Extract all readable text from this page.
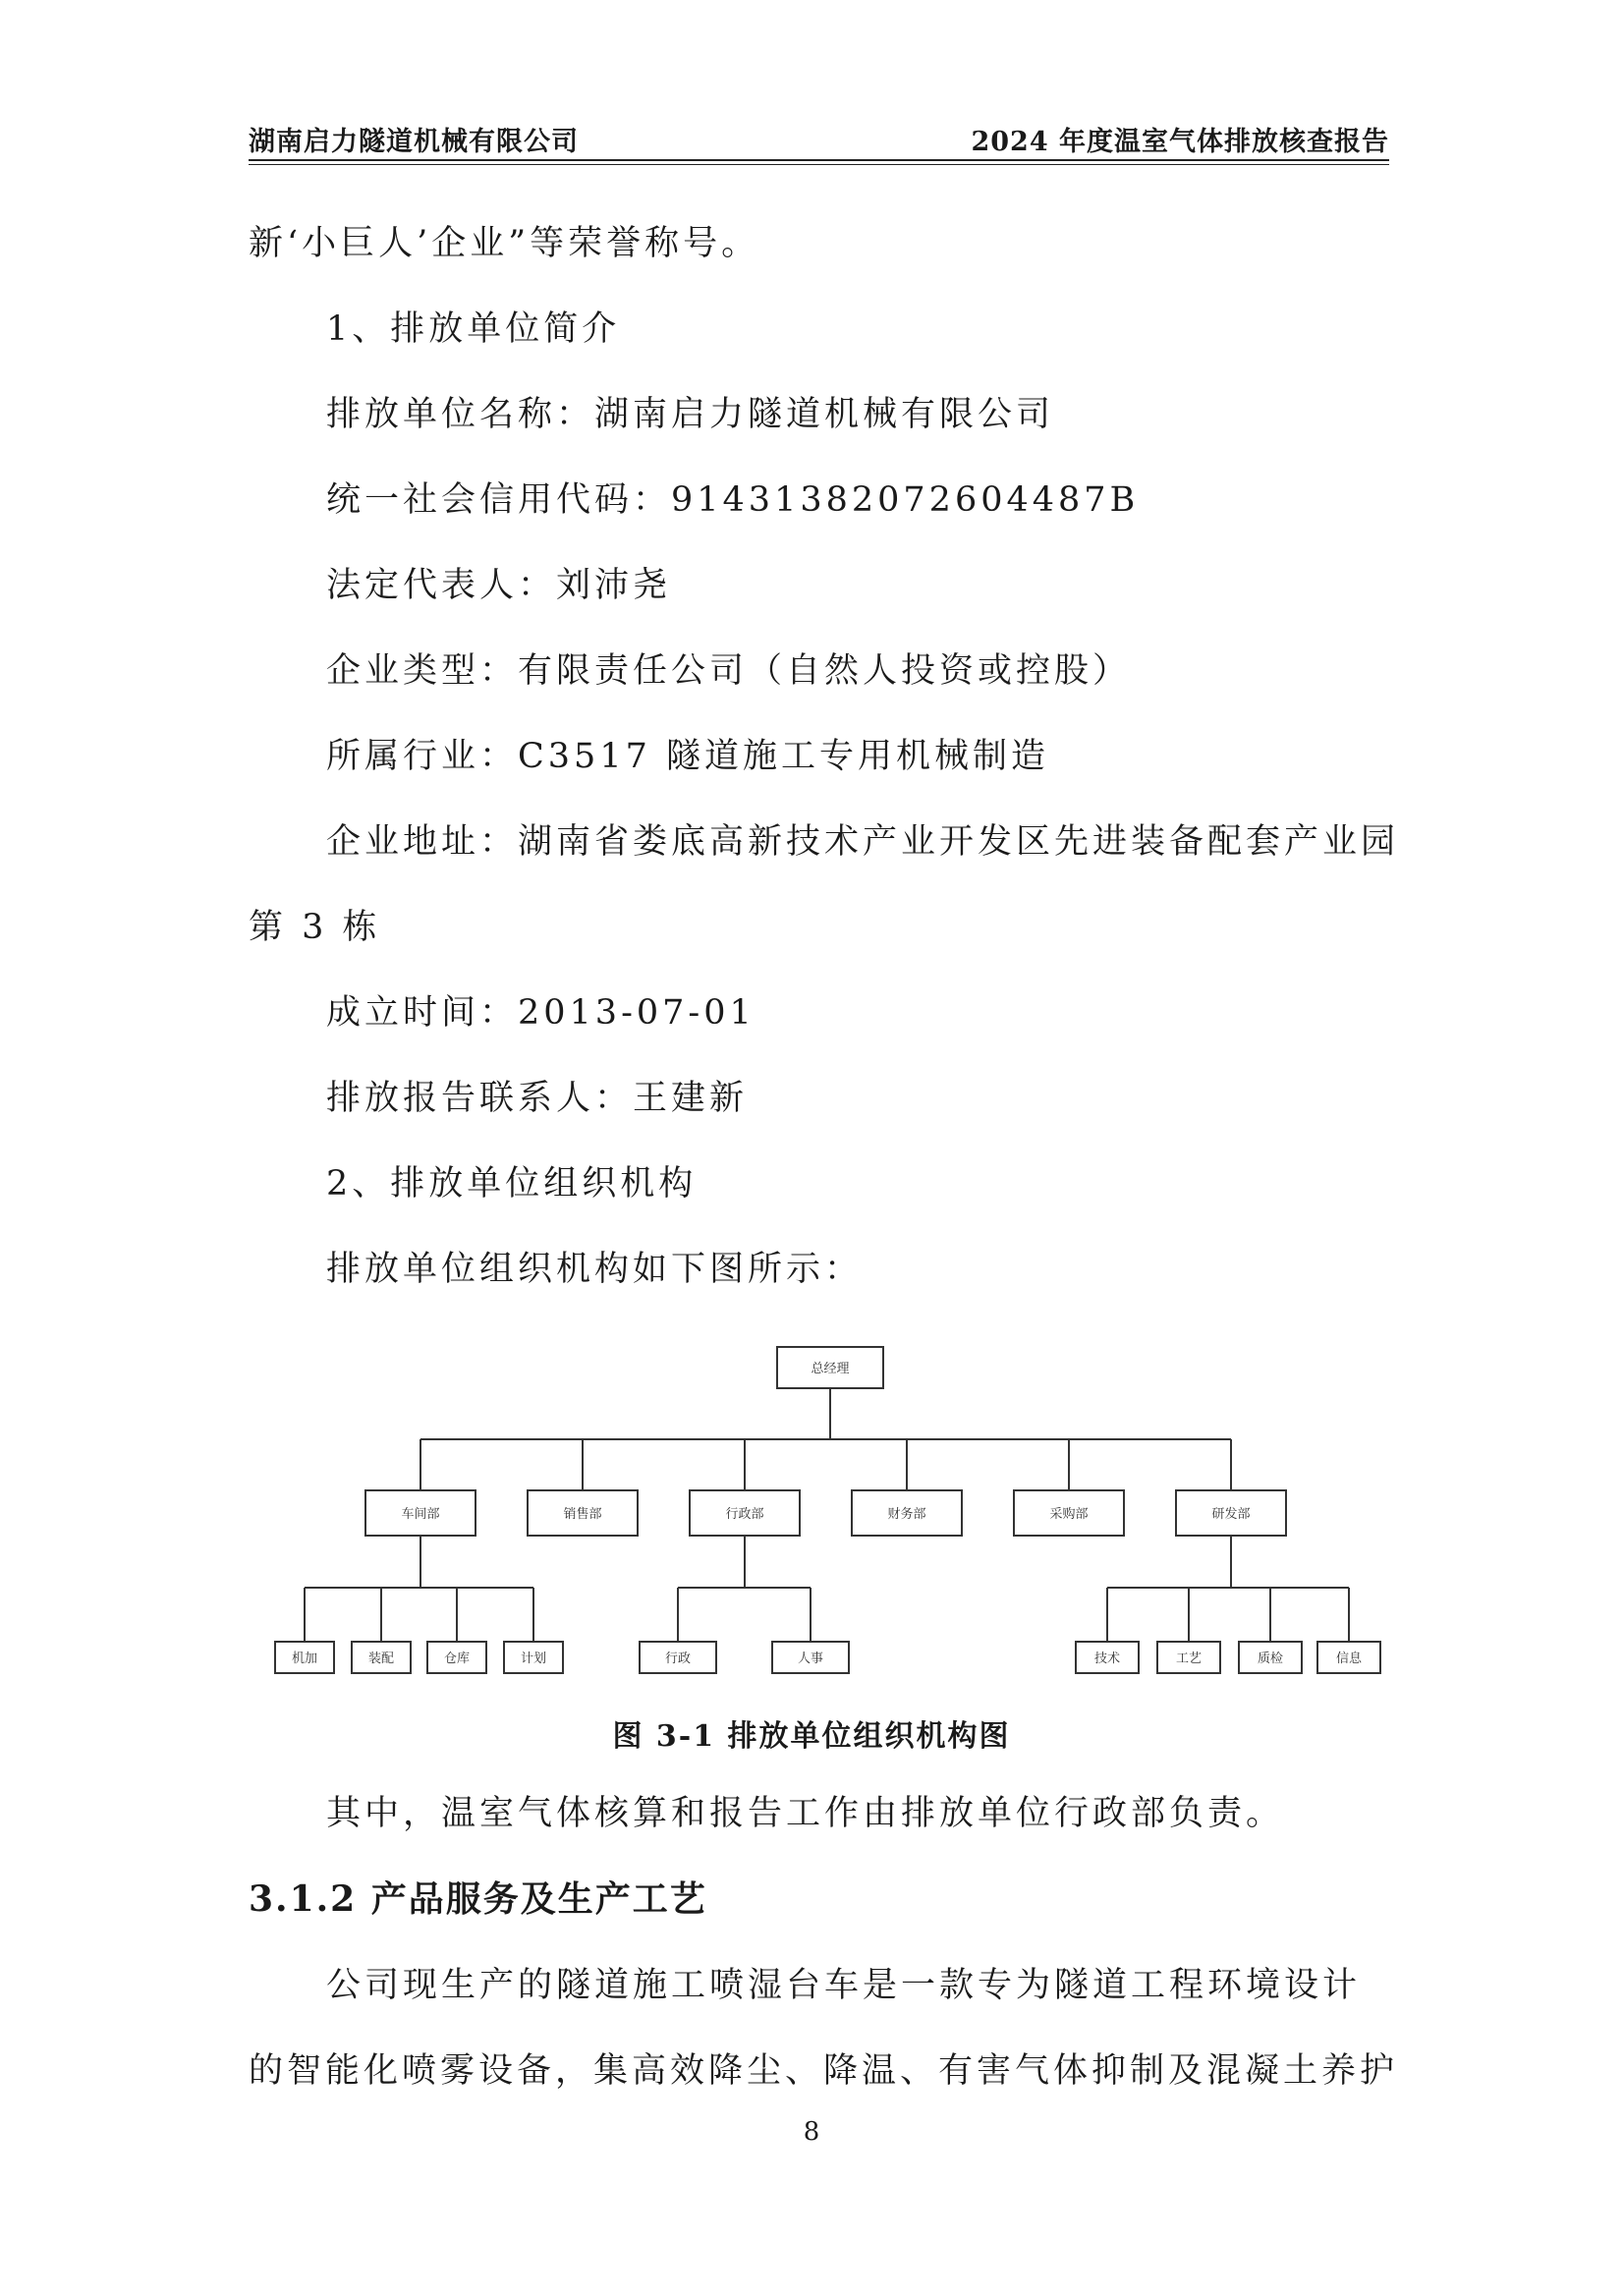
湖南启力隧道机械有限公司	2024 年度温室气体排放核查报告
新‘小巨人’企业”等荣誉称号。
1、排放单位简介
排放单位名称：湖南启力隧道机械有限公司
统一社会信用代码：9143138207260448​7B
法定代表人：刘沛尧
企业类型：有限责任公司（自然人投资或控股）
所属行业：C3517 隧道施工专用机械制造
企业地址：湖南省娄底高新技术产业开发区先进装备配套产业园
第 3 栋
成立时间：2013-07-01
排放报告联系人：王建新
2、排放单位组织机构
排放单位组织机构如下图所示：
总经理
车间部	销售部	行政部	财务部	采购部	研发部
机加	装配	仓库	计划	行政	人事	技术	工艺	质检	信息
图 3-1 排放单位组织机构图
其中，温室气体核算和报告工作由排放单位行政部负责。
3.1.2 产品服务及生产工艺
公司现生产的隧道施工喷湿台车是一款专为隧道工程环境设计
的智能化喷雾设备，集高效降尘、降温、有害气体抑制及混凝土养护
8
